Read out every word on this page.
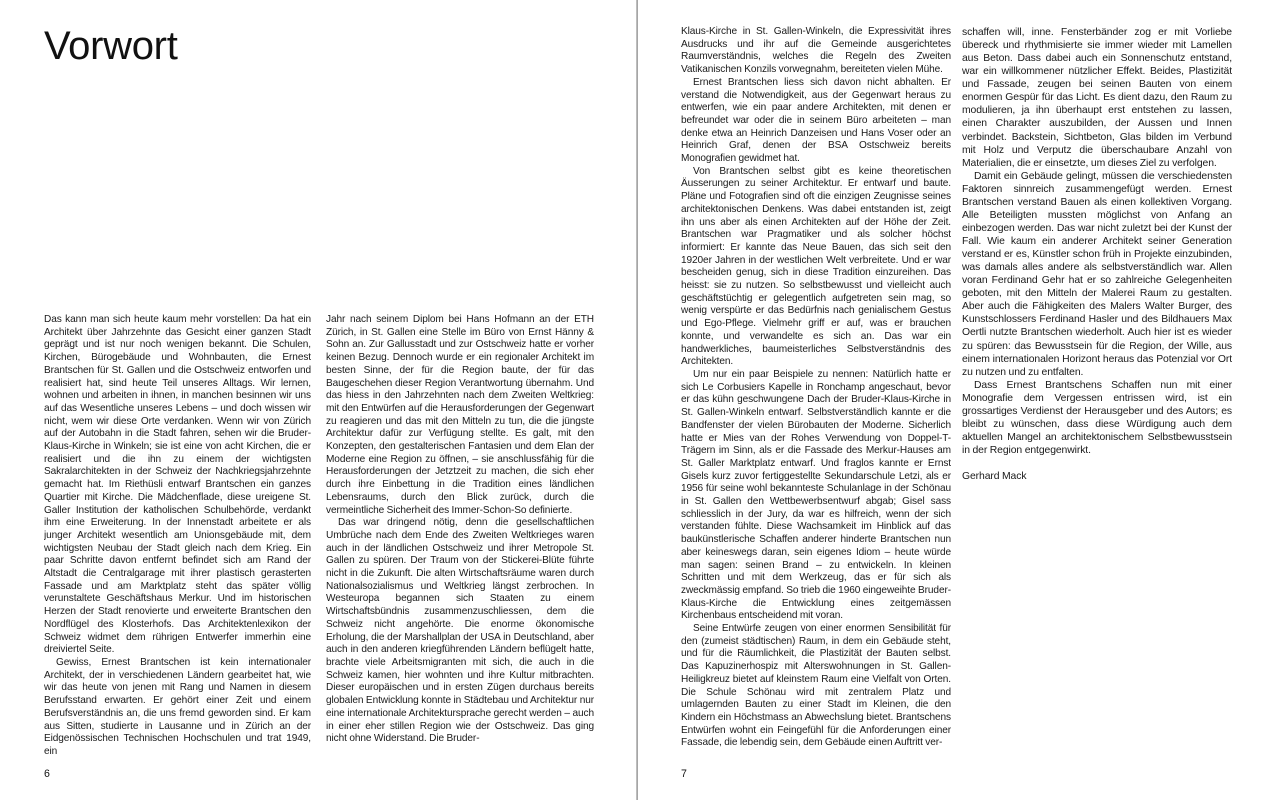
Vorwort

Das kann man sich heute kaum mehr vorstellen: Da hat ein Architekt über Jahrzehnte das Gesicht einer ganzen Stadt geprägt und ist nur noch wenigen bekannt. Die Schulen, Kirchen, Bürogebäude und Wohnbauten, die Ernest Brantschen für St. Gallen und die Ostschweiz entworfen und realisiert hat, sind heute Teil unseres Alltags. Wir lernen, wohnen und arbeiten in ihnen, in manchen besinnen wir uns auf das Wesentliche unseres Lebens – und doch wissen wir nicht, wem wir diese Orte verdanken. Wenn wir von Zürich auf der Autobahn in die Stadt fahren, sehen wir die Bruder-Klaus-Kirche in Winkeln; sie ist eine von acht Kirchen, die er realisiert und die ihn zu einem der wichtigsten Sakralarchitekten in der Schweiz der Nachkriegsjahrzehnte gemacht hat. Im Riethüsli entwarf Brantschen ein ganzes Quartier mit Kirche. Die Mädchenflade, diese ureigene St. Galler Institution der katholischen Schulbehörde, verdankt ihm eine Erweiterung. In der Innenstadt arbeitete er als junger Architekt wesentlich am Unionsgebäude mit, dem wichtigsten Neubau der Stadt gleich nach dem Krieg. Ein paar Schritte davon entfernt befindet sich am Rand der Altstadt die Centralgarage mit ihrer plastisch gerasterten Fassade und am Marktplatz steht das später völlig verunstaltete Geschäftshaus Merkur. Und im historischen Herzen der Stadt renovierte und erweiterte Brantschen den Nordflügel des Klosterhofs. Das Architektenlexikon der Schweiz widmet dem rührigen Entwerfer immerhin eine dreiviertel Seite.

Gewiss, Ernest Brantschen ist kein internationaler Architekt, der in verschiedenen Ländern gearbeitet hat, wie wir das heute von jenen mit Rang und Namen in diesem Berufsstand erwarten. Er gehört einer Zeit und einem Berufsverständnis an, die uns fremd geworden sind. Er kam aus Sitten, studierte in Lausanne und in Zürich an der Eidgenössischen Technischen Hochschulen und trat 1949, ein

Jahr nach seinem Diplom bei Hans Hofmann an der ETH Zürich, in St. Gallen eine Stelle im Büro von Ernst Hänny & Sohn an. Zur Gallusstadt und zur Ostschweiz hatte er vorher keinen Bezug. Dennoch wurde er ein regionaler Architekt im besten Sinne, der für die Region baute, der für das Baugeschehen dieser Region Verantwortung übernahm. Und das hiess in den Jahrzehnten nach dem Zweiten Weltkrieg: mit den Entwürfen auf die Herausforderungen der Gegenwart zu reagieren und das mit den Mitteln zu tun, die die jüngste Architektur dafür zur Verfügung stellte. Es galt, mit den Konzepten, den gestalterischen Fantasien und dem Elan der Moderne eine Region zu öffnen, – sie anschlussfähig für die Herausforderungen der Jetztzeit zu machen, die sich eher durch ihre Einbettung in die Tradition eines ländlichen Lebensraums, durch den Blick zurück, durch die vermeintliche Sicherheit des Immer-Schon-So definierte.

Das war dringend nötig, denn die gesellschaftlichen Umbrüche nach dem Ende des Zweiten Weltkrieges waren auch in der ländlichen Ostschweiz und ihrer Metropole St. Gallen zu spüren. Der Traum von der Stickerei-Blüte führte nicht in die Zukunft. Die alten Wirtschaftsräume waren durch Nationalsozialismus und Weltkrieg längst zerbrochen. In Westeuropa begannen sich Staaten zu einem Wirtschaftsbündnis zusammenzuschliessen, dem die Schweiz nicht angehörte. Die enorme ökonomische Erholung, die der Marshallplan der USA in Deutschland, aber auch in den anderen kriegführenden Ländern beflügelt hatte, brachte viele Arbeitsmigranten mit sich, die auch in die Schweiz kamen, hier wohnten und ihre Kultur mitbrachten. Dieser europäischen und in ersten Zügen durchaus bereits globalen Entwicklung konnte in Städtebau und Architektur nur eine internationale Architektursprache gerecht werden – auch in einer eher stillen Region wie der Ostschweiz. Das ging nicht ohne Widerstand. Die Bruder-

Klaus-Kirche in St. Gallen-Winkeln, die Expressivität ihres Ausdrucks und ihr auf die Gemeinde ausgerichtetes Raumverständnis, welches die Regeln des Zweiten Vatikanischen Konzils vorwegnahm, bereiteten vielen Mühe.

Ernest Brantschen liess sich davon nicht abhalten. Er verstand die Notwendigkeit, aus der Gegenwart heraus zu entwerfen, wie ein paar andere Architekten, mit denen er befreundet war oder die in seinem Büro arbeiteten – man denke etwa an Heinrich Danzeisen und Hans Voser oder an Heinrich Graf, denen der BSA Ostschweiz bereits Monografien gewidmet hat.

Von Brantschen selbst gibt es keine theoretischen Äusserungen zu seiner Architektur. Er entwarf und baute. Pläne und Fotografien sind oft die einzigen Zeugnisse seines architektonischen Denkens. Was dabei entstanden ist, zeigt ihn uns aber als einen Architekten auf der Höhe der Zeit. Brantschen war Pragmatiker und als solcher höchst informiert: Er kannte das Neue Bauen, das sich seit den 1920er Jahren in der westlichen Welt verbreitete. Und er war bescheiden genug, sich in diese Tradition einzureihen. Das heisst: sie zu nutzen. So selbstbewusst und vielleicht auch geschäftstüchtig er gelegentlich aufgetreten sein mag, so wenig verspürte er das Bedürfnis nach genialischem Gestus und Ego-Pflege. Vielmehr griff er auf, was er brauchen konnte, und verwandelte es sich an. Das war ein handwerkliches, baumeisterliches Selbstverständnis des Architekten.

Um nur ein paar Beispiele zu nennen: Natürlich hatte er sich Le Corbusiers Kapelle in Ronchamp angeschaut, bevor er das kühn geschwungene Dach der Bruder-Klaus-Kirche in St. Gallen-Winkeln entwarf. Selbstverständlich kannte er die Bandfenster der vielen Bürobauten der Moderne. Sicherlich hatte er Mies van der Rohes Verwendung von Doppel-T-Trägern im Sinn, als er die Fassade des Merkur-Hauses am St. Galler Marktplatz entwarf. Und fraglos kannte er Ernst Gisels kurz zuvor fertiggestellte Sekundarschule Letzi, als er 1956 für seine wohl bekannteste Schulanlage in der Schönau in St. Gallen den Wettbewerbsentwurf abgab; Gisel sass schliesslich in der Jury, da war es hilfreich, wenn der sich verstanden fühlte. Diese Wachsamkeit im Hinblick auf das baukünstlerische Schaffen anderer hinderte Brantschen nun aber keineswegs daran, sein eigenes Idiom – heute würde man sagen: seinen Brand – zu entwickeln. In kleinen Schritten und mit dem Werkzeug, das er für sich als zweckmässig empfand. So trieb die 1960 eingeweihte Bruder-Klaus-Kirche die Entwicklung eines zeitgemässen Kirchenbaus entscheidend mit voran.

Seine Entwürfe zeugen von einer enormen Sensibilität für den (zumeist städtischen) Raum, in dem ein Gebäude steht, und für die Räumlichkeit, die Plastizität der Bauten selbst. Das Kapuzinerhospiz mit Alterswohnungen in St. Gallen-Heiligkreuz bietet auf kleinstem Raum eine Vielfalt von Orten. Die Schule Schönau wird mit zentralem Platz und umlagernden Bauten zu einer Stadt im Kleinen, die den Kindern ein Höchstmass an Abwechslung bietet. Brantschens Entwürfen wohnt ein Feingefühl für die Anforderungen einer Fassade, die lebendig sein, dem Gebäude einen Auftritt ver-

schaffen will, inne. Fensterbänder zog er mit Vorliebe übereck und rhythmisierte sie immer wieder mit Lamellen aus Beton. Dass dabei auch ein Sonnenschutz entstand, war ein willkommener nützlicher Effekt. Beides, Plastizität und Fassade, zeugen bei seinen Bauten von einem enormen Gespür für das Licht. Es dient dazu, den Raum zu modulieren, ja ihn überhaupt erst entstehen zu lassen, einen Charakter auszubilden, der Aussen und Innen verbindet. Backstein, Sichtbeton, Glas bilden im Verbund mit Holz und Verputz die überschaubare Anzahl von Materialien, die er einsetzte, um dieses Ziel zu verfolgen.

Damit ein Gebäude gelingt, müssen die verschiedensten Faktoren sinnreich zusammengefügt werden. Ernest Brantschen verstand Bauen als einen kollektiven Vorgang. Alle Beteiligten mussten möglichst von Anfang an einbezogen werden. Das war nicht zuletzt bei der Kunst der Fall. Wie kaum ein anderer Architekt seiner Generation verstand er es, Künstler schon früh in Projekte einzubinden, was damals alles andere als selbstverständlich war. Allen voran Ferdinand Gehr hat er so zahlreiche Gelegenheiten geboten, mit den Mitteln der Malerei Raum zu gestalten. Aber auch die Fähigkeiten des Malers Walter Burger, des Kunstschlossers Ferdinand Hasler und des Bildhauers Max Oertli nutzte Brantschen wiederholt. Auch hier ist es wieder zu spüren: das Bewusstsein für die Region, der Wille, aus einem internationalen Horizont heraus das Potenzial vor Ort zu nutzen und zu entfalten.

Dass Ernest Brantschens Schaffen nun mit einer Monografie dem Vergessen entrissen wird, ist ein grossartiges Verdienst der Herausgeber und des Autors; es bleibt zu wünschen, dass diese Würdigung auch dem aktuellen Mangel an architektonischem Selbstbewusstsein in der Region entgegenwirkt.

Gerhard Mack

6	7
